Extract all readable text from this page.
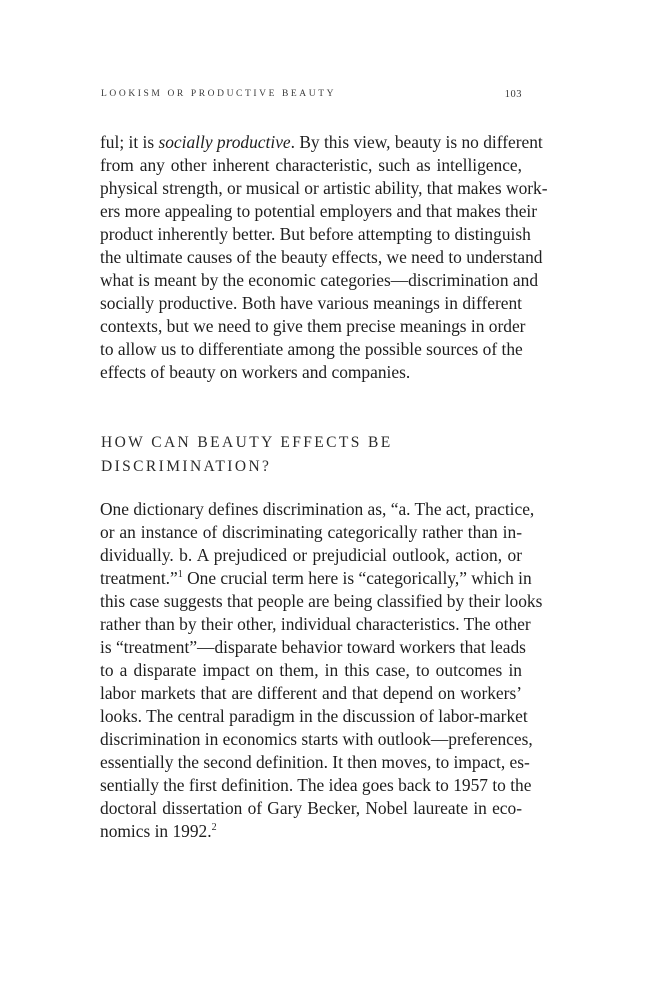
LOOKISM OR PRODUCTIVE BEAUTY	103
ful; it is socially productive. By this view, beauty is no different
from any other inherent characteristic, such as intelligence,
physical strength, or musical or artistic ability, that makes work-
ers more appealing to potential employers and that makes their
product inherently better. But before attempting to distinguish
the ultimate causes of the beauty effects, we need to understand
what is meant by the economic categories—discrimination and
socially productive. Both have various meanings in different
contexts, but we need to give them precise meanings in order
to allow us to differentiate among the possible sources of the
effects of beauty on workers and companies.
HOW CAN BEAUTY EFFECTS BE
DISCRIMINATION?
One dictionary defines discrimination as, “a. The act, practice,
or an instance of discriminating categorically rather than in-
dividually. b. A prejudiced or prejudicial outlook, action, or
treatment.”$^1$ One crucial term here is “categorically,” which in
this case suggests that people are being classified by their looks
rather than by their other, individual characteristics. The other
is “treatment”—disparate behavior toward workers that leads
to a disparate impact on them, in this case, to outcomes in
labor markets that are different and that depend on workers’
looks. The central paradigm in the discussion of labor-market
discrimination in economics starts with outlook—preferences,
essentially the second definition. It then moves, to impact, es-
sentially the first definition. The idea goes back to 1957 to the
doctoral dissertation of Gary Becker, Nobel laureate in eco-
nomics in 1992.$^2$
